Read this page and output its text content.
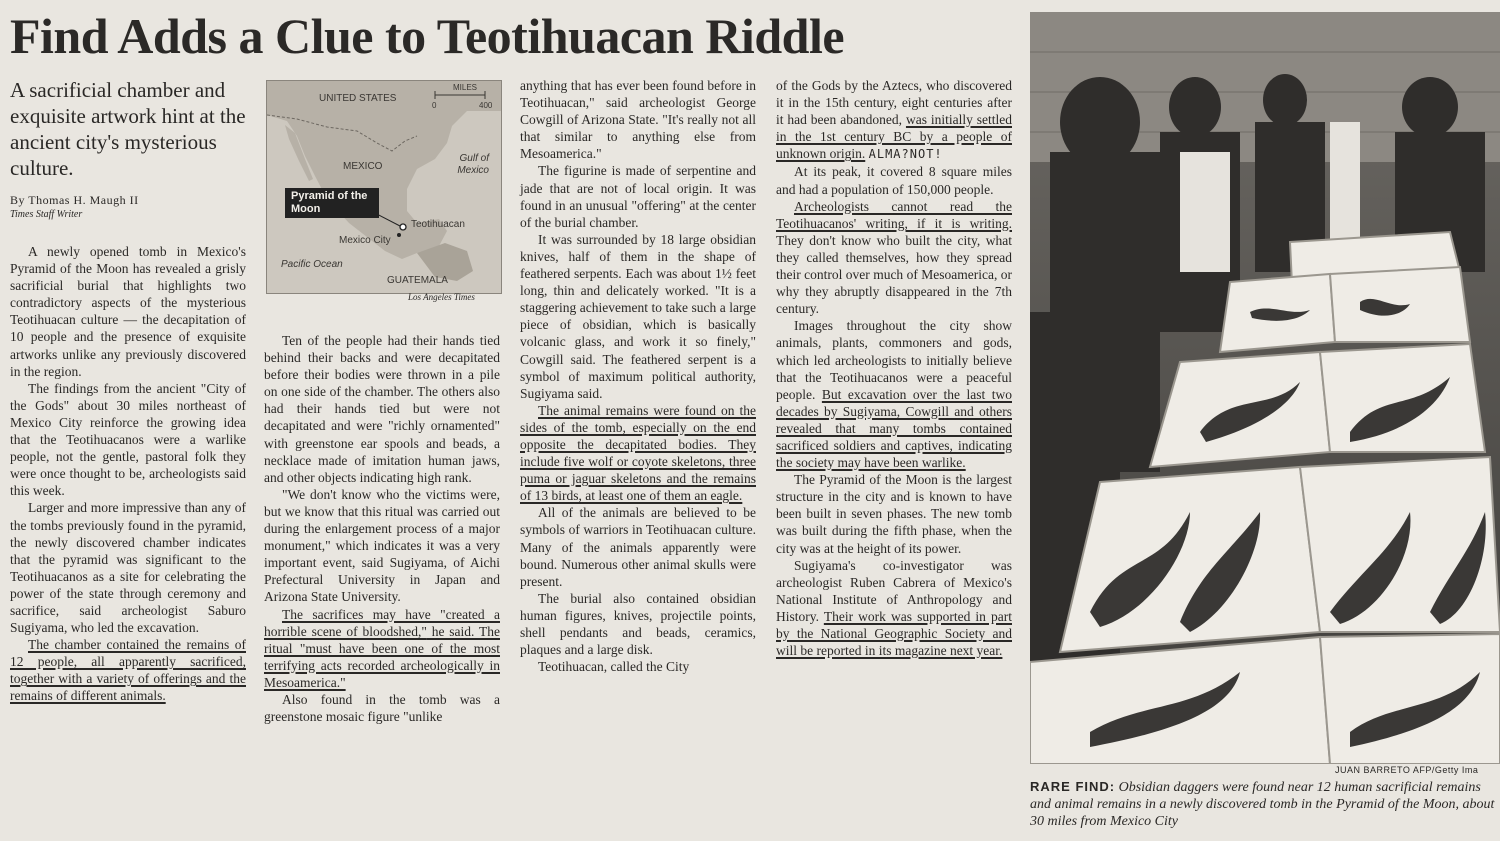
Find Adds a Clue to Teotihuacan Riddle
A sacrificial chamber and exquisite artwork hint at the ancient city's mysterious culture.
By Thomas H. Maugh II
Times Staff Writer

A newly opened tomb in Mexico's Pyramid of the Moon has revealed a grisly sacrificial burial that highlights two contradictory aspects of the mysterious Teotihuacan culture — the decapitation of 10 people and the presence of exquisite artworks unlike any previously discovered in the region.

The findings from the ancient "City of the Gods" about 30 miles northeast of Mexico City reinforce the growing idea that the Teotihuacanos were a warlike people, not the gentle, pastoral folk they were once thought to be, archeologists said this week.

Larger and more impressive than any of the tombs previously found in the pyramid, the newly discovered chamber indicates that the pyramid was significant to the Teotihuacanos as a site for celebrating the power of the state through ceremony and sacrifice, said archeologist Saburo Sugiyama, who led the excavation.

The chamber contained the remains of 12 people, all apparently sacrificed, together with a variety of offerings and the remains of different animals.

UNITED STATES
MILES
0	400
MEXICO
Gulf of Mexico
Pyramid of the Moon
Teotihuacan
Mexico City
Pacific Ocean
GUATEMALA
Los Angeles Times

Ten of the people had their hands tied behind their backs and were decapitated before their bodies were thrown in a pile on one side of the chamber. The others also had their hands tied but were not decapitated and were "richly ornamented" with greenstone ear spools and beads, a necklace made of imitation human jaws, and other objects indicating high rank.

"We don't know who the victims were, but we know that this ritual was carried out during the enlargement process of a major monument," which indicates it was a very important event, said Sugiyama, of Aichi Prefectural University in Japan and Arizona State University.

The sacrifices may have "created a horrible scene of bloodshed," he said. The ritual "must have been one of the most terrifying acts recorded archeologically in Mesoamerica."

Also found in the tomb was a greenstone mosaic figure "unlike

anything that has ever been found before in Teotihuacan," said archeologist George Cowgill of Arizona State. "It's really not all that similar to anything else from Mesoamerica."

The figurine is made of serpentine and jade that are not of local origin. It was found in an unusual "offering" at the center of the burial chamber.

It was surrounded by 18 large obsidian knives, half of them in the shape of feathered serpents. Each was about 1½ feet long, thin and delicately worked. "It is a staggering achievement to take such a large piece of obsidian, which is basically volcanic glass, and work it so finely," Cowgill said. The feathered serpent is a symbol of maximum political authority, Sugiyama said.

The animal remains were found on the sides of the tomb, especially on the end opposite the decapitated bodies. They include five wolf or coyote skeletons, three puma or jaguar skeletons and the remains of 13 birds, at least one of them an eagle.

All of the animals are believed to be symbols of warriors in Teotihuacan culture. Many of the animals apparently were bound. Numerous other animal skulls were present.

The burial also contained obsidian human figures, knives, projectile points, shell pendants and beads, ceramics, plaques and a large disk.

Teotihuacan, called the City

of the Gods by the Aztecs, who discovered it in the 15th century, eight centuries after it had been abandoned, was initially settled in the 1st century BC by a people of unknown origin. ALMA?NOT!

At its peak, it covered 8 square miles and had a population of 150,000 people.

Archeologists cannot read the Teotihuacanos' writing, if it is writing. They don't know who built the city, what they called themselves, how they spread their control over much of Mesoamerica, or why they abruptly disappeared in the 7th century.

Images throughout the city show animals, plants, commoners and gods, which led archeologists to initially believe that the Teotihuacanos were a peaceful people. But excavation over the last two decades by Sugiyama, Cowgill and others revealed that many tombs contained sacrificed soldiers and captives, indicating the society may have been warlike.

The Pyramid of the Moon is the largest structure in the city and is known to have been built in seven phases. The new tomb was built during the fifth phase, when the city was at the height of its power.

Sugiyama's co-investigator was archeologist Ruben Cabrera of Mexico's National Institute of Anthropology and History. Their work was supported in part by the National Geographic Society and will be reported in its magazine next year.

JUAN BARRETO AFP/Getty Ima
RARE FIND: Obsidian daggers were found near 12 human sacrificial remains and animal remains in a newly discovered tomb in the Pyramid of the Moon, about 30 miles from Mexico City
